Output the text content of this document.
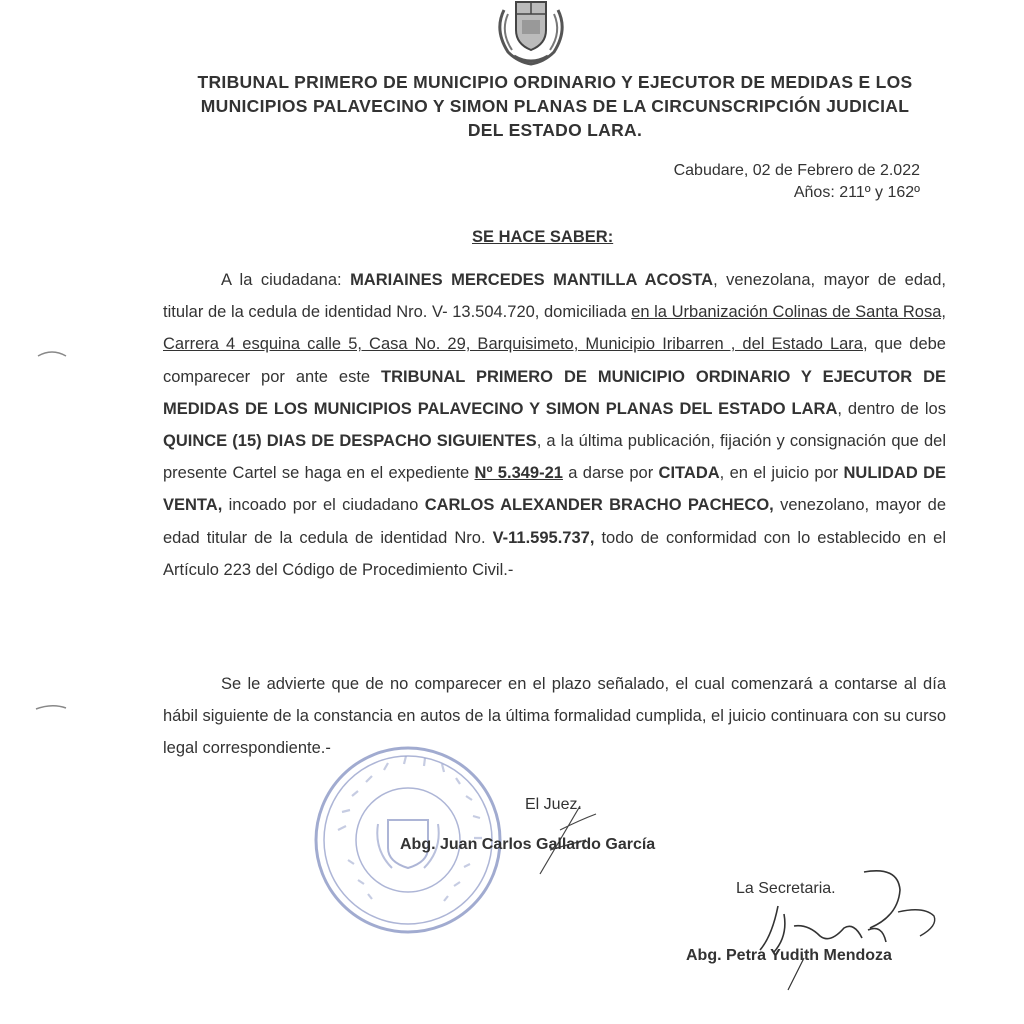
TRIBUNAL PRIMERO DE MUNICIPIO ORDINARIO Y EJECUTOR DE MEDIDAS E LOS
MUNICIPIOS PALAVECINO Y SIMON PLANAS DE LA CIRCUNSCRIPCIÓN JUDICIAL
DEL ESTADO LARA.
Cabudare, 02 de Febrero de 2.022
Años: 211º y 162º
SE HACE SABER:

A la ciudadana: MARIAINES MERCEDES MANTILLA ACOSTA, venezolana, mayor de edad, titular de la cedula de identidad Nro. V- 13.504.720, domiciliada en la Urbanización Colinas de Santa Rosa, Carrera 4 esquina calle 5, Casa No. 29, Barquisimeto, Municipio Iribarren , del Estado Lara, que debe comparecer por ante este TRIBUNAL PRIMERO DE MUNICIPIO ORDINARIO Y EJECUTOR DE MEDIDAS DE LOS MUNICIPIOS PALAVECINO Y SIMON PLANAS DEL ESTADO LARA, dentro de los QUINCE (15) DIAS DE DESPACHO SIGUIENTES, a la última publicación, fijación y consignación que del presente Cartel se haga en el expediente Nº 5.349-21 a darse por CITADA, en el juicio por NULIDAD DE VENTA, incoado por el ciudadano CARLOS ALEXANDER BRACHO PACHECO, venezolano, mayor de edad titular de la cedula de identidad Nro. V-11.595.737, todo de conformidad con lo establecido en el Artículo 223 del Código de Procedimiento Civil.-

Se le advierte que de no comparecer en el plazo señalado, el cual comenzará a contarse al día hábil siguiente de la constancia en autos de la última formalidad cumplida, el juicio continuara con su curso legal correspondiente.-

El Juez.
Abg. Juan Carlos Gallardo García
La Secretaria.
Abg. Petra Yudith Mendoza
